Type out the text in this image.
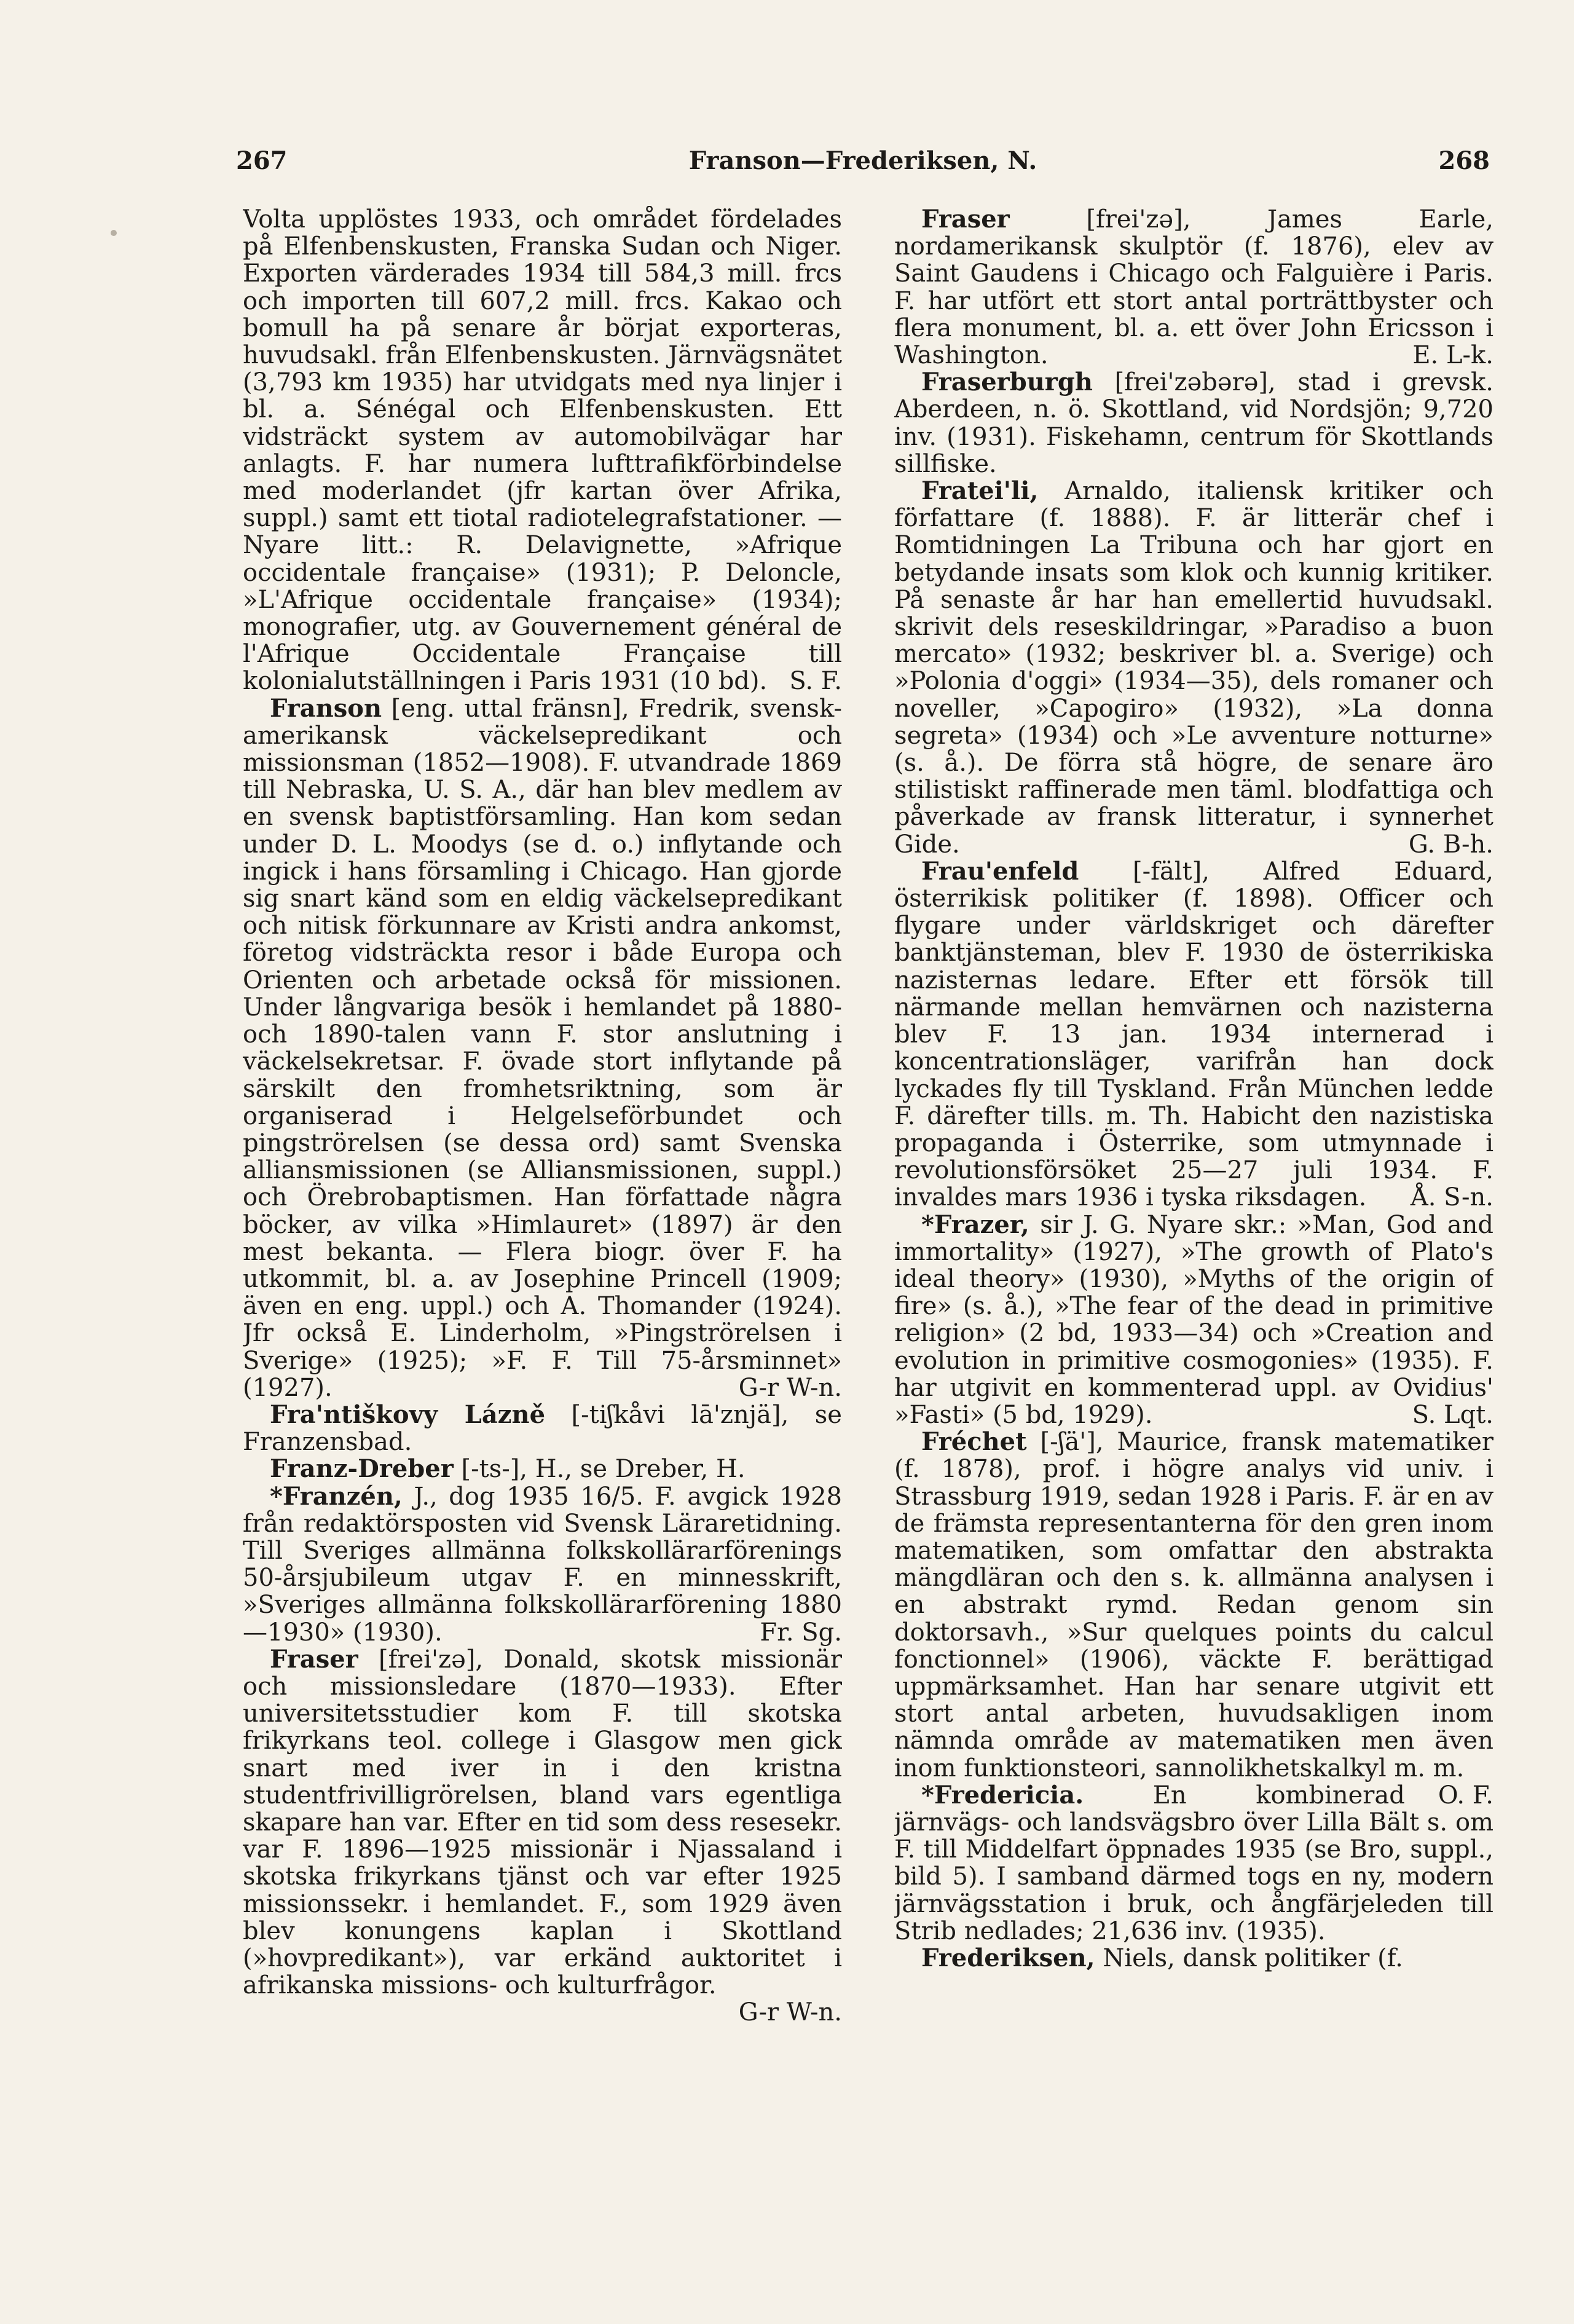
267	Franson—Frederiksen, N.	268

Volta upplöstes 1933, och området fördelades på Elfenbenskusten, Franska Sudan och Niger. Exporten värderades 1934 till 584,3 mill. frcs och importen till 607,2 mill. frcs. Kakao och bomull ha på senare år börjat exporteras, huvudsakl. från Elfenbenskusten. Järnvägsnätet (3,793 km 1935) har utvidgats med nya linjer i bl. a. Sénégal och Elfenbenskusten. Ett vidsträckt system av automobilvägar har anlagts. F. har numera lufttrafikförbindelse med moderlandet (jfr kartan över Afrika, suppl.) samt ett tiotal radiotelegrafstationer. — Nyare litt.: R. Delavignette, »Afrique occidentale française» (1931); P. Deloncle, »L'Afrique occidentale française» (1934); monografier, utg. av Gouvernement général de l'Afrique Occidentale Française till kolonialutställningen i Paris 1931 (10 bd). S. F.

Franson [eng. uttal fränsn], Fredrik, svensk-amerikansk väckelsepredikant och missionsman (1852—1908). F. utvandrade 1869 till Nebraska, U. S. A., där han blev medlem av en svensk baptistförsamling. Han kom sedan under D. L. Moodys (se d. o.) inflytande och ingick i hans församling i Chicago. Han gjorde sig snart känd som en eldig väckelsepredikant och nitisk förkunnare av Kristi andra ankomst, företog vidsträckta resor i både Europa och Orienten och arbetade också för missionen. Under långvariga besök i hemlandet på 1880- och 1890-talen vann F. stor anslutning i väckelsekretsar. F. övade stort inflytande på särskilt den fromhetsriktning, som är organiserad i Helgelseförbundet och pingströrelsen (se dessa ord) samt Svenska alliansmissionen (se Alliansmissionen, suppl.) och Örebrobaptismen. Han författade några böcker, av vilka »Himlauret» (1897) är den mest bekanta. — Flera biogr. över F. ha utkommit, bl. a. av Josephine Princell (1909; även en eng. uppl.) och A. Thomander (1924). Jfr också E. Linderholm, »Pingströrelsen i Sverige» (1925); »F. F. Till 75-årsminnet» (1927).	G-r W-n.

Fra'ntiškovy Lázně [-tiʃkåvi lā'znjä], se Franzensbad.

Franz-Dreber [-ts-], H., se Dreber, H.

*Franzén, J., dog 1935 16/5. F. avgick 1928 från redaktörsposten vid Svensk Läraretidning. Till Sveriges allmänna folkskollärarförenings 50-årsjubileum utgav F. en minnesskrift, »Sveriges allmänna folkskollärarförening 1880—1930» (1930).	Fr. Sg.

Fraser [frei'zə], Donald, skotsk missionär och missionsledare (1870—1933). Efter universitetsstudier kom F. till skotska frikyrkans teol. college i Glasgow men gick snart med iver in i den kristna studentfrivilligrörelsen, bland vars egentliga skapare han var. Efter en tid som dess resesekr. var F. 1896—1925 missionär i Njassaland i skotska frikyrkans tjänst och var efter 1925 missionssekr. i hemlandet. F., som 1929 även blev konungens kaplan i Skottland (»hovpredikant»), var erkänd auktoritet i afrikanska missions- och kulturfrågor.
G-r W-n.

Fraser	[frei'zə],	James Earle, nordamerikansk skulptör (f. 1876), elev av Saint Gaudens i Chicago och Falguière i Paris. F. har utfört ett stort antal porträttbyster och flera monument, bl. a. ett över John Ericsson i Washington.	E. L-k.

Fraserburgh [frei'zəbərə], stad i grevsk. Aberdeen, n. ö. Skottland, vid Nordsjön; 9,720 inv. (1931). Fiskehamn, centrum för Skottlands sillfiske.

Fratei'li, Arnaldo, italiensk kritiker och författare (f. 1888). F. är litterär chef i Romtidningen La Tribuna och har gjort en betydande insats som klok och kunnig kritiker. På senaste år har han emellertid huvudsakl. skrivit dels reseskildringar, »Paradiso a buon mercato» (1932; beskriver bl. a. Sverige) och »Polonia d'oggi» (1934—35), dels romaner och noveller, »Capogiro» (1932), »La donna segreta» (1934) och »Le avventure notturne» (s. å.). De förra stå högre, de senare äro stilistiskt raffinerade men täml. blodfattiga och påverkade av fransk litteratur, i synnerhet Gide.	G. B-h.

Frau'enfeld [-fält], Alfred Eduard, österrikisk politiker (f. 1898). Officer och flygare under världskriget och därefter banktjänsteman, blev F. 1930 de österrikiska nazisternas ledare. Efter ett försök till närmande mellan hemvärnen och nazisterna blev F. 13 jan. 1934 internerad i koncentrationsläger, varifrån han dock lyckades fly till Tyskland. Från München ledde F. därefter tills. m. Th. Habicht den nazistiska propaganda i Österrike, som utmynnade i revolutionsförsöket 25—27 juli 1934. F. invaldes mars 1936 i tyska riksdagen.	Å. S-n.

*Frazer, sir J. G. Nyare skr.: »Man, God and immortality» (1927), »The growth of Plato's ideal theory» (1930), »Myths of the origin of fire» (s. å.), »The fear of the dead in primitive religion» (2 bd, 1933—34) och »Creation and evolution in primitive cosmogonies» (1935). F. har utgivit en kommenterad uppl. av Ovidius' »Fasti» (5 bd, 1929).	S. Lqt.

Fréchet [-ʃä'], Maurice, fransk matematiker (f. 1878), prof. i högre analys vid univ. i Strassburg 1919, sedan 1928 i Paris. F. är en av de främsta representanterna för den gren inom matematiken, som omfattar den abstrakta mängdläran och den s. k. allmänna analysen i en abstrakt rymd. Redan genom sin doktorsavh., »Sur quelques points du calcul fonctionnel» (1906), väckte F. berättigad uppmärksamhet. Han har senare utgivit ett stort antal arbeten, huvudsakligen inom nämnda område av matematiken men även inom funktionsteori, sannolikhetskalkyl m. m.
O. F.

*Fredericia.	En kombinerad järnvägs- och landsvägsbro över Lilla Bält s. om F. till Middelfart öppnades 1935 (se Bro, suppl., bild 5). I samband därmed togs en ny, modern järnvägsstation i bruk, och ångfärjeleden till Strib nedlades; 21,636 inv. (1935).

Frederiksen, Niels, dansk politiker (f.
